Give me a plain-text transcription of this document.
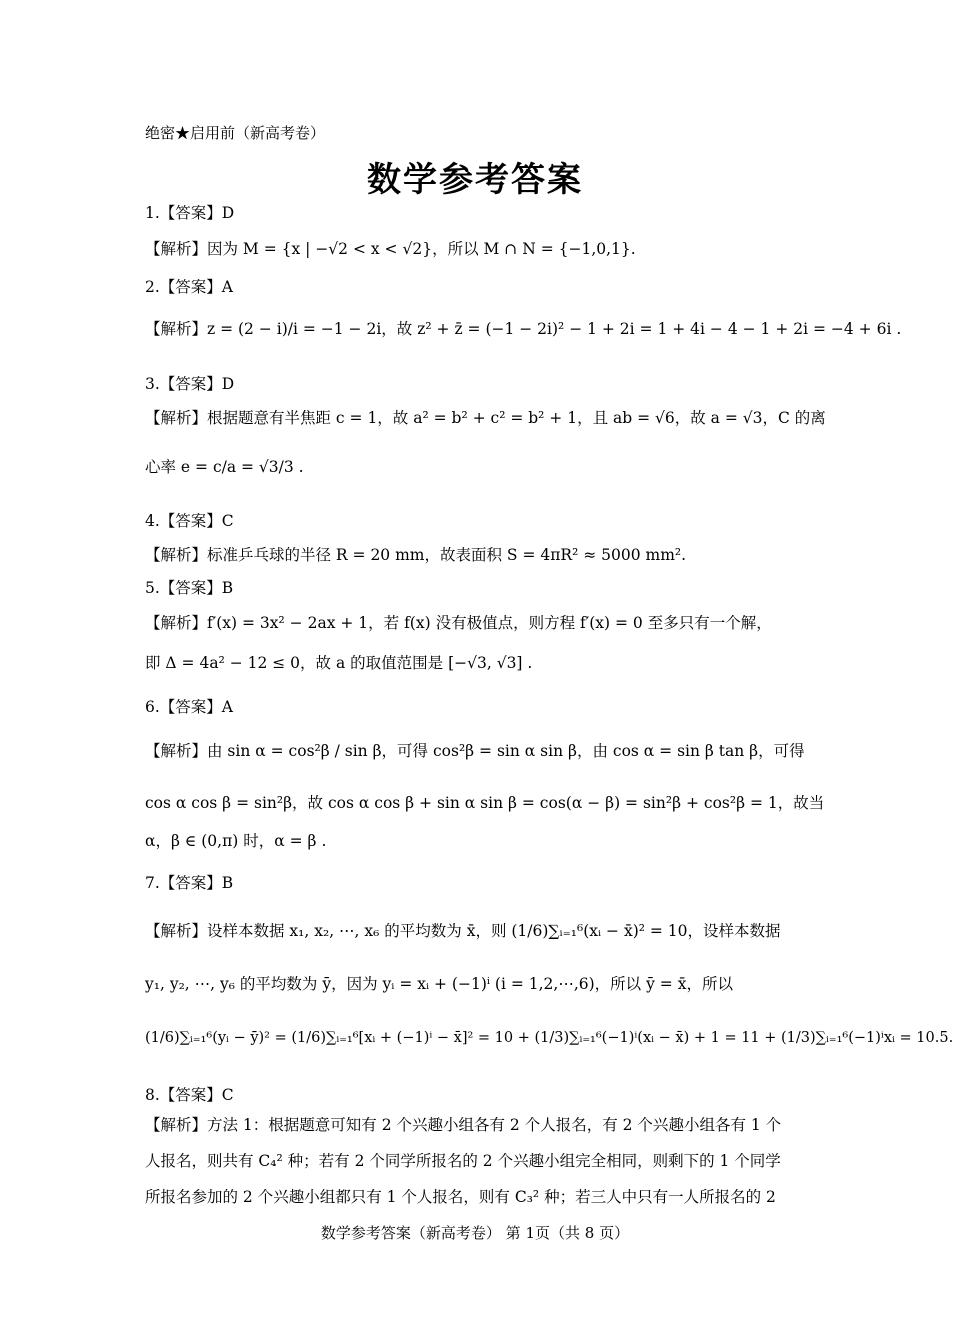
绝密★启用前（新高考卷）
数学参考答案
1.【答案】D
【解析】因为 M = {x | −√2 < x < √2}，所以 M ∩ N = {−1,0,1}.
2.【答案】A
【解析】z = (2 − i)/i = −1 − 2i，故 z² + z̄ = (−1 − 2i)² − 1 + 2i = 1 + 4i − 4 − 1 + 2i = −4 + 6i .
3.【答案】D
【解析】根据题意有半焦距 c = 1，故 a² = b² + c² = b² + 1，且 ab = √6，故 a = √3，C 的离
心率 e = c/a = √3/3 .
4.【答案】C
【解析】标准乒乓球的半径 R = 20 mm，故表面积 S = 4πR² ≈ 5000 mm².
5.【答案】B
【解析】f′(x) = 3x² − 2ax + 1，若 f(x) 没有极值点，则方程 f′(x) = 0 至多只有一个解，
即 Δ = 4a² − 12 ≤ 0，故 a 的取值范围是 [−√3, √3] .
6.【答案】A
【解析】由 sin α = cos²β / sin β，可得 cos²β = sin α sin β，由 cos α = sin β tan β，可得
cos α cos β = sin²β，故 cos α cos β + sin α sin β = cos(α − β) = sin²β + cos²β = 1，故当
α，β ∈ (0,π) 时，α = β .
7.【答案】B
【解析】设样本数据 x₁, x₂, ⋯, x₆ 的平均数为 x̄，则 (1/6)∑ᵢ₌₁⁶(xᵢ − x̄)² = 10，设样本数据
y₁, y₂, ⋯, y₆ 的平均数为 ȳ，因为 yᵢ = xᵢ + (−1)ⁱ (i = 1,2,⋯,6)，所以 ȳ = x̄，所以
(1/6)∑ᵢ₌₁⁶(yᵢ − ȳ)² = (1/6)∑ᵢ₌₁⁶[xᵢ + (−1)ⁱ − x̄]² = 10 + (1/3)∑ᵢ₌₁⁶(−1)ⁱ(xᵢ − x̄) + 1 = 11 + (1/3)∑ᵢ₌₁⁶(−1)ⁱxᵢ = 10.5.
8.【答案】C
【解析】方法 1：根据题意可知有 2 个兴趣小组各有 2 个人报名，有 2 个兴趣小组各有 1 个
人报名，则共有 C₄² 种；若有 2 个同学所报名的 2 个兴趣小组完全相同，则剩下的 1 个同学
所报名参加的 2 个兴趣小组都只有 1 个人报名，则有 C₃² 种；若三人中只有一人所报名的 2
数学参考答案（新高考卷） 第 1页（共 8 页）
